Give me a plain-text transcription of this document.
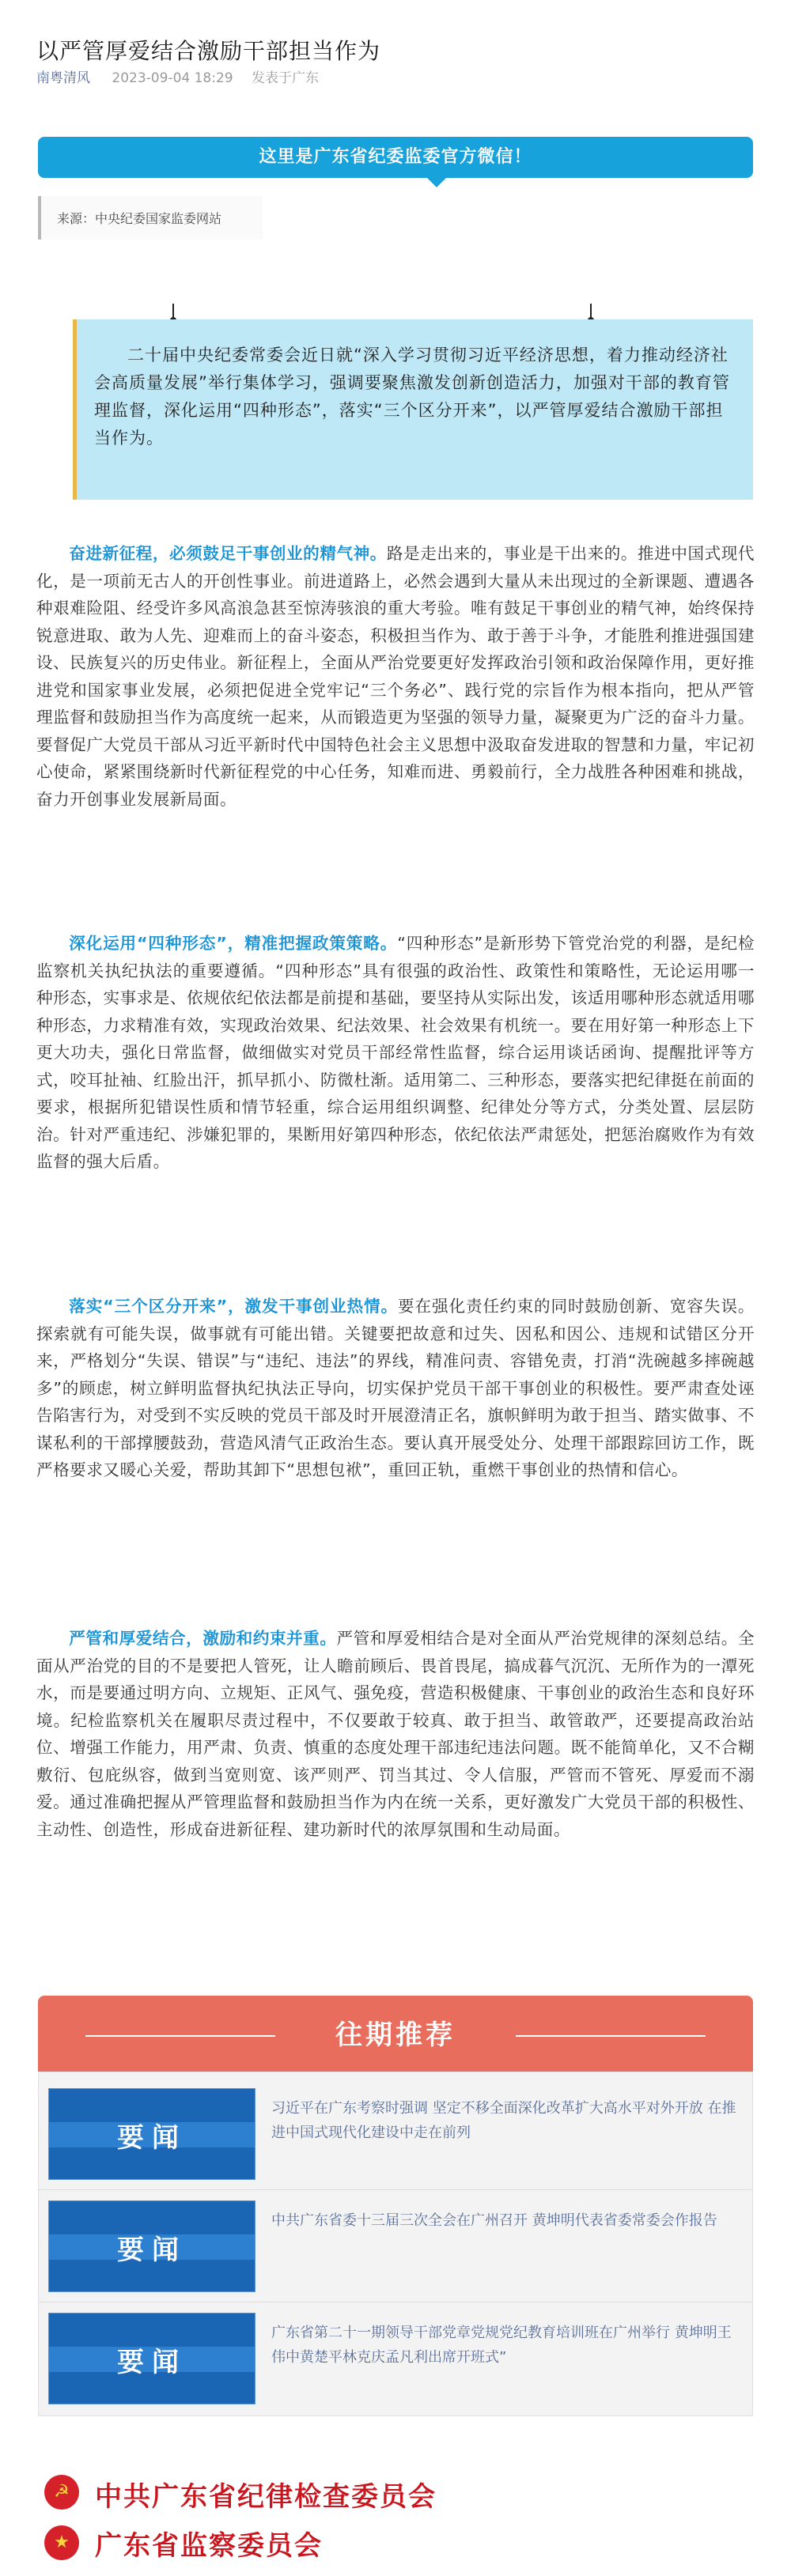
以严管厚爱结合激励干部担当作为
南粤清风 2023-09-04 18:29 发表于广东
这里是广东省纪委监委官方微信！
来源：中央纪委国家监委网站
二十届中央纪委常委会近日就“深入学习贯彻习近平经济思想，着力推动经济社会高质量发展”举行集体学习，强调要聚焦激发创新创造活力，加强对干部的教育管理监督，深化运用“四种形态”，落实“三个区分开来”，以严管厚爱结合激励干部担当作为。
奋进新征程，必须鼓足干事创业的精气神。路是走出来的，事业是干出来的。推进中国式现代化，是一项前无古人的开创性事业。前进道路上，必然会遇到大量从未出现过的全新课题、遭遇各种艰难险阻、经受许多风高浪急甚至惊涛骇浪的重大考验。唯有鼓足干事创业的精气神，始终保持锐意进取、敢为人先、迎难而上的奋斗姿态，积极担当作为、敢于善于斗争，才能胜利推进强国建设、民族复兴的历史伟业。新征程上，全面从严治党要更好发挥政治引领和政治保障作用，更好推进党和国家事业发展，必须把促进全党牢记“三个务必”、践行党的宗旨作为根本指向，把从严管理监督和鼓励担当作为高度统一起来，从而锻造更为坚强的领导力量，凝聚更为广泛的奋斗力量。要督促广大党员干部从习近平新时代中国特色社会主义思想中汲取奋发进取的智慧和力量，牢记初心使命，紧紧围绕新时代新征程党的中心任务，知难而进、勇毅前行，全力战胜各种困难和挑战，奋力开创事业发展新局面。
深化运用“四种形态”，精准把握政策策略。“四种形态”是新形势下管党治党的利器，是纪检监察机关执纪执法的重要遵循。“四种形态”具有很强的政治性、政策性和策略性，无论运用哪一种形态，实事求是、依规依纪依法都是前提和基础，要坚持从实际出发，该适用哪种形态就适用哪种形态，力求精准有效，实现政治效果、纪法效果、社会效果有机统一。要在用好第一种形态上下更大功夫，强化日常监督，做细做实对党员干部经常性监督，综合运用谈话函询、提醒批评等方式，咬耳扯袖、红脸出汗，抓早抓小、防微杜渐。适用第二、三种形态，要落实把纪律挺在前面的要求，根据所犯错误性质和情节轻重，综合运用组织调整、纪律处分等方式，分类处置、层层防治。针对严重违纪、涉嫌犯罪的，果断用好第四种形态，依纪依法严肃惩处，把惩治腐败作为有效监督的强大后盾。
落实“三个区分开来”，激发干事创业热情。要在强化责任约束的同时鼓励创新、宽容失误。探索就有可能失误，做事就有可能出错。关键要把故意和过失、因私和因公、违规和试错区分开来，严格划分“失误、错误”与“违纪、违法”的界线，精准问责、容错免责，打消“洗碗越多摔碗越多”的顾虑，树立鲜明监督执纪执法正导向，切实保护党员干部干事创业的积极性。要严肃查处诬告陷害行为，对受到不实反映的党员干部及时开展澄清正名，旗帜鲜明为敢于担当、踏实做事、不谋私利的干部撑腰鼓劲，营造风清气正政治生态。要认真开展受处分、处理干部跟踪回访工作，既严格要求又暖心关爱，帮助其卸下“思想包袱”，重回正轨，重燃干事创业的热情和信心。
严管和厚爱结合，激励和约束并重。严管和厚爱相结合是对全面从严治党规律的深刻总结。全面从严治党的目的不是要把人管死，让人瞻前顾后、畏首畏尾，搞成暮气沉沉、无所作为的一潭死水，而是要通过明方向、立规矩、正风气、强免疫，营造积极健康、干事创业的政治生态和良好环境。纪检监察机关在履职尽责过程中，不仅要敢于较真、敢于担当、敢管敢严，还要提高政治站位、增强工作能力，用严肃、负责、慎重的态度处理干部违纪违法问题。既不能简单化，又不合糊敷衍、包庇纵容，做到当宽则宽、该严则严、罚当其过、令人信服，严管而不管死、厚爱而不溺爱。通过准确把握从严管理监督和鼓励担当作为内在统一关系，更好激发广大党员干部的积极性、主动性、创造性，形成奋进新征程、建功新时代的浓厚氛围和生动局面。
往期推荐
要闻
习近平在广东考察时强调 坚定不移全面深化改革扩大高水平对外开放 在推进中国式现代化建设中走在前列
要闻
中共广东省委十三届三次全会在广州召开 黄坤明代表省委常委会作报告
要闻
广东省第二十一期领导干部党章党规党纪教育培训班在广州举行 黄坤明王伟中黄楚平林克庆孟凡利出席开班式”
☭ 中共广东省纪律检查委员会
★ 广东省监察委员会
